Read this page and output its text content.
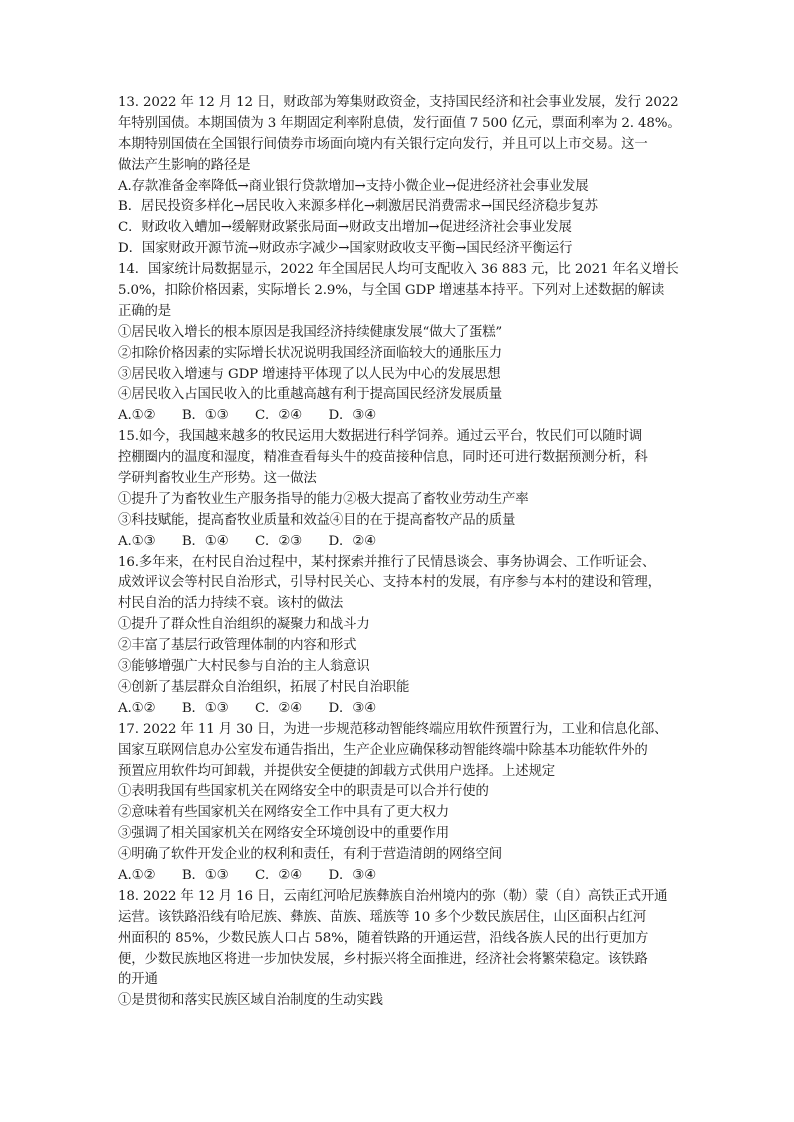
13. 2022 年 12 月 12 日，财政部为筹集财政资金，支持国民经济和社会事业发展，发行 2022
年特别国债。本期国债为 3 年期固定利率附息债，发行面值 7 500 亿元，票面利率为 2. 48%。
本期特别国债在全国银行间债券市场面向境内有关银行定向发行，并且可以上市交易。这一
做法产生影响的路径是
A.存款准备金率降低→商业银行贷款增加→支持小微企业→促进经济社会事业发展
B．居民投资多样化→居民收入来源多样化→刺激居民消费需求→国民经济稳步复苏
C．财政收入螬加→缓解财政紧张局面→财政支出增加→促进经济社会事业发展
D．国家财政开源节流→财政赤字减少→国家财政收支平衡→国民经济平衡运行
14．国家统计局数据显示，2022 年全国居民人均可支配收入 36 883 元，比 2021 年名义增长
5.0%，扣除价格因素，实际增长 2.9%，与全国 GDP 增速基本持平。下列对上述数据的解读
正确的是
①居民收入增长的根本原因是我国经济持续健康发展“做大了蛋糕”
②扣除价格因素的实际增长状况说明我国经济面临较大的通胀压力
③居民收入增速与 GDP 增速持平体现了以人民为中心的发展思想
④居民收入占国民收入的比重越高越有利于提高国民经济发展质量
A.①②　　B．①③　　C．②④　　D．③④
15.如今，我国越来越多的牧民运用大数据进行科学饲养。通过云平台，牧民们可以随时调
控棚圈内的温度和湿度，精准查看每头牛的疫苗接种信息，同时还可进行数据预测分析，科
学研判畜牧业生产形势。这一做法
①提升了为畜牧业生产服务指导的能力②极大提高了畜牧业劳动生产率
③科技赋能，提高畜牧业质量和效益④目的在于提高畜牧产品的质量
A.①③　　B．①④　　C．②③　　D．②④
16.多年来，在村民自治过程中，某村探索并推行了民情恳谈会、事务协调会、工作听证会、
成效评议会等村民自治形式，引导村民关心、支持本村的发展，有序参与本村的建设和管理，
村民自治的活力持续不衰。该村的做法
①提升了群众性自治组织的凝聚力和战斗力
②丰富了基层行政管理体制的内容和形式
③能够增强广大村民参与自治的主人翁意识
④创新了基层群众自治组织，拓展了村民自治职能
A.①②　　B．①③　　C．②④　　D．③④
17. 2022 年 11 月 30 日，为进一步规范移动智能终端应用软件预置行为，工业和信息化部、
国家互联网信息办公室发布通告指出，生产企业应确保移动智能终端中除基本功能软件外的
预置应用软件均可卸载，并提供安全便捷的卸载方式供用户选择。上述规定
①表明我国有些国家机关在网络安全中的职责是可以合并行使的
②意味着有些国家机关在网络安全工作中具有了更大权力
③强调了相关国家机关在网络安全环境创设中的重要作用
④明确了软件开发企业的权利和责任，有利于营造清朗的网络空间
A.①②　　B．①③　　C．②④　　D．③④
18. 2022 年 12 月 16 日，云南红河哈尼族彝族自治州境内的弥（勒）蒙（自）高铁正式开通
运营。该铁路沿线有哈尼族、彝族、苗族、瑶族等 10 多个少数民族居住，山区面积占红河
州面积的 85%，少数民族人口占 58%，随着铁路的开通运营，沿线各族人民的出行更加方
便，少数民族地区将进一步加快发展，乡村振兴将全面推进，经济社会将繁荣稳定。该铁路
的开通
①是贯彻和落实民族区域自治制度的生动实践
